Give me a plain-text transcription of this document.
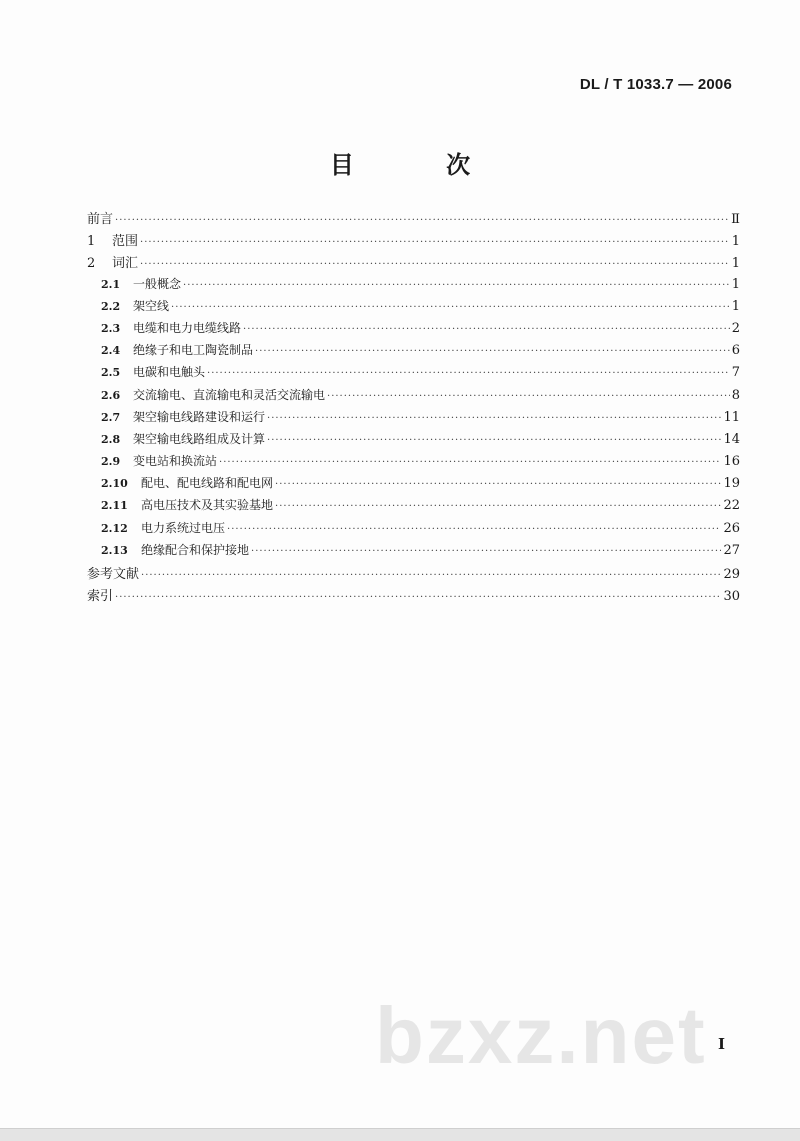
DL / T 1033.7 — 2006
目 次
前言 ·····	Ⅱ
1	范围 ·····	1
2	词汇 ·····	1
2.1	一般概念 ·····	1
2.2	架空线 ·····	1
2.3	电缆和电力电缆线路 ·····	2
2.4	绝缘子和电工陶瓷制品 ·····	6
2.5	电碳和电触头 ·····	7
2.6	交流输电、直流输电和灵活交流输电 ·····	8
2.7	架空输电线路建设和运行 ·····	11
2.8	架空输电线路组成及计算 ·····	14
2.9	变电站和换流站 ·····	16
2.10	配电、配电线路和配电网 ·····	19
2.11	高电压技术及其实验基地 ·····	22
2.12	电力系统过电压 ·····	26
2.13	绝缘配合和保护接地 ·····	27
参考文献 ·····	29
索引 ·····	30
bzxz.net I
